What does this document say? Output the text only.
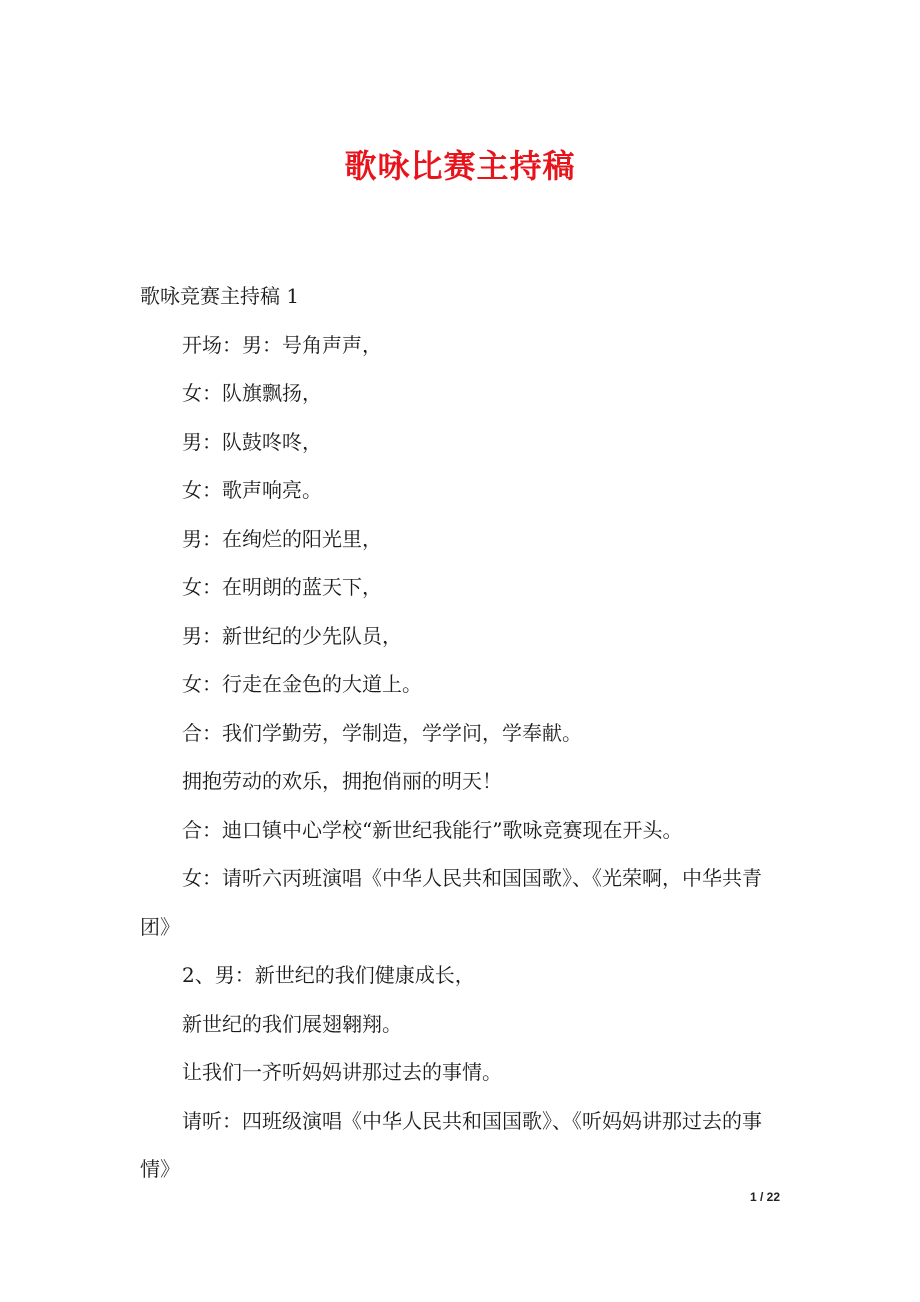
歌咏比赛主持稿

歌咏竞赛主持稿 1

开场：男：号角声声，

女：队旗飘扬，

男：队鼓咚咚，

女：歌声响亮。

男：在绚烂的阳光里，

女：在明朗的蓝天下，

男：新世纪的少先队员，

女：行走在金色的大道上。

合：我们学勤劳，学制造，学学问，学奉献。

拥抱劳动的欢乐，拥抱俏丽的明天！

合：迪口镇中心学校“新世纪我能行”歌咏竞赛现在开头。

女：请听六丙班演唱《中华人民共和国国歌》、《光荣啊，中华共青团》

2、男：新世纪的我们健康成长，

新世纪的我们展翅翱翔。

让我们一齐听妈妈讲那过去的事情。

请听：四班级演唱《中华人民共和国国歌》、《听妈妈讲那过去的事情》

1 / 22
